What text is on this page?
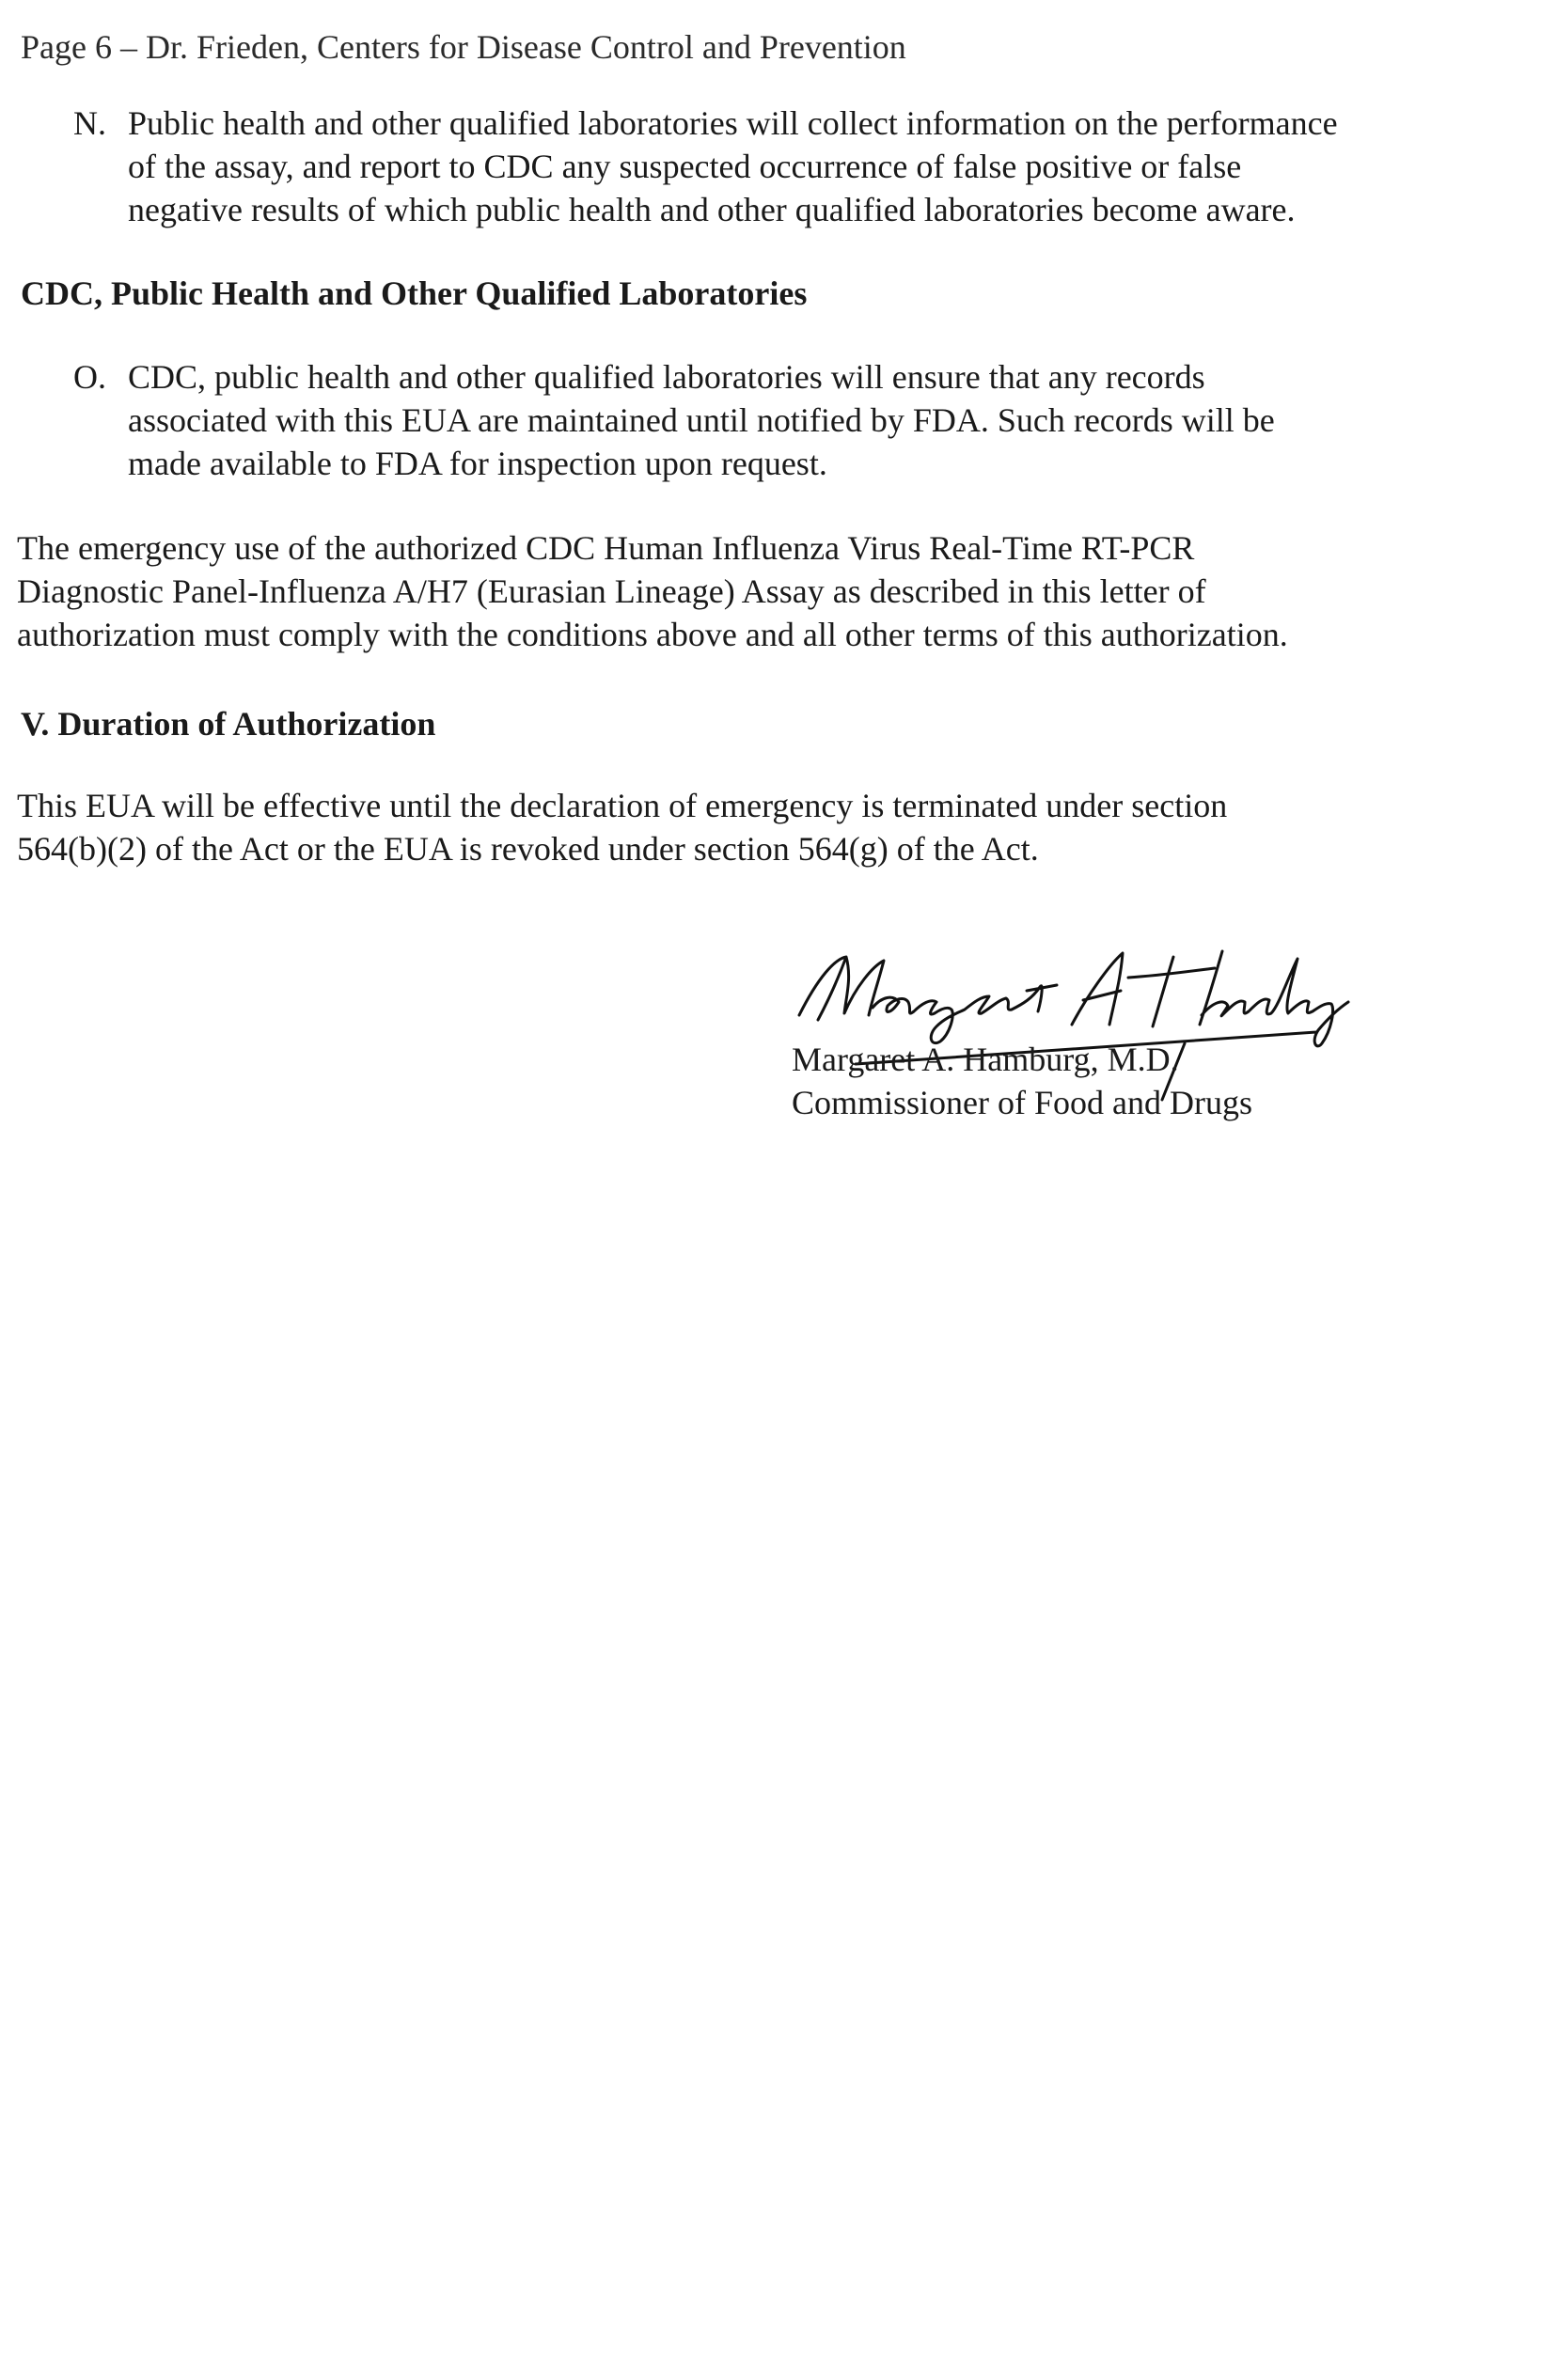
Page 6 – Dr. Frieden, Centers for Disease Control and Prevention
N. Public health and other qualified laboratories will collect information on the performance
of the assay, and report to CDC any suspected occurrence of false positive or false
negative results of which public health and other qualified laboratories become aware.
CDC, Public Health and Other Qualified Laboratories
O. CDC, public health and other qualified laboratories will ensure that any records
associated with this EUA are maintained until notified by FDA. Such records will be
made available to FDA for inspection upon request.
The emergency use of the authorized CDC Human Influenza Virus Real-Time RT-PCR
Diagnostic Panel-Influenza A/H7 (Eurasian Lineage) Assay as described in this letter of
authorization must comply with the conditions above and all other terms of this authorization.
V. Duration of Authorization
This EUA will be effective until the declaration of emergency is terminated under section
564(b)(2) of the Act or the EUA is revoked under section 564(g) of the Act.
Margaret A. Hamburg, M.D.
Commissioner of Food and Drugs
